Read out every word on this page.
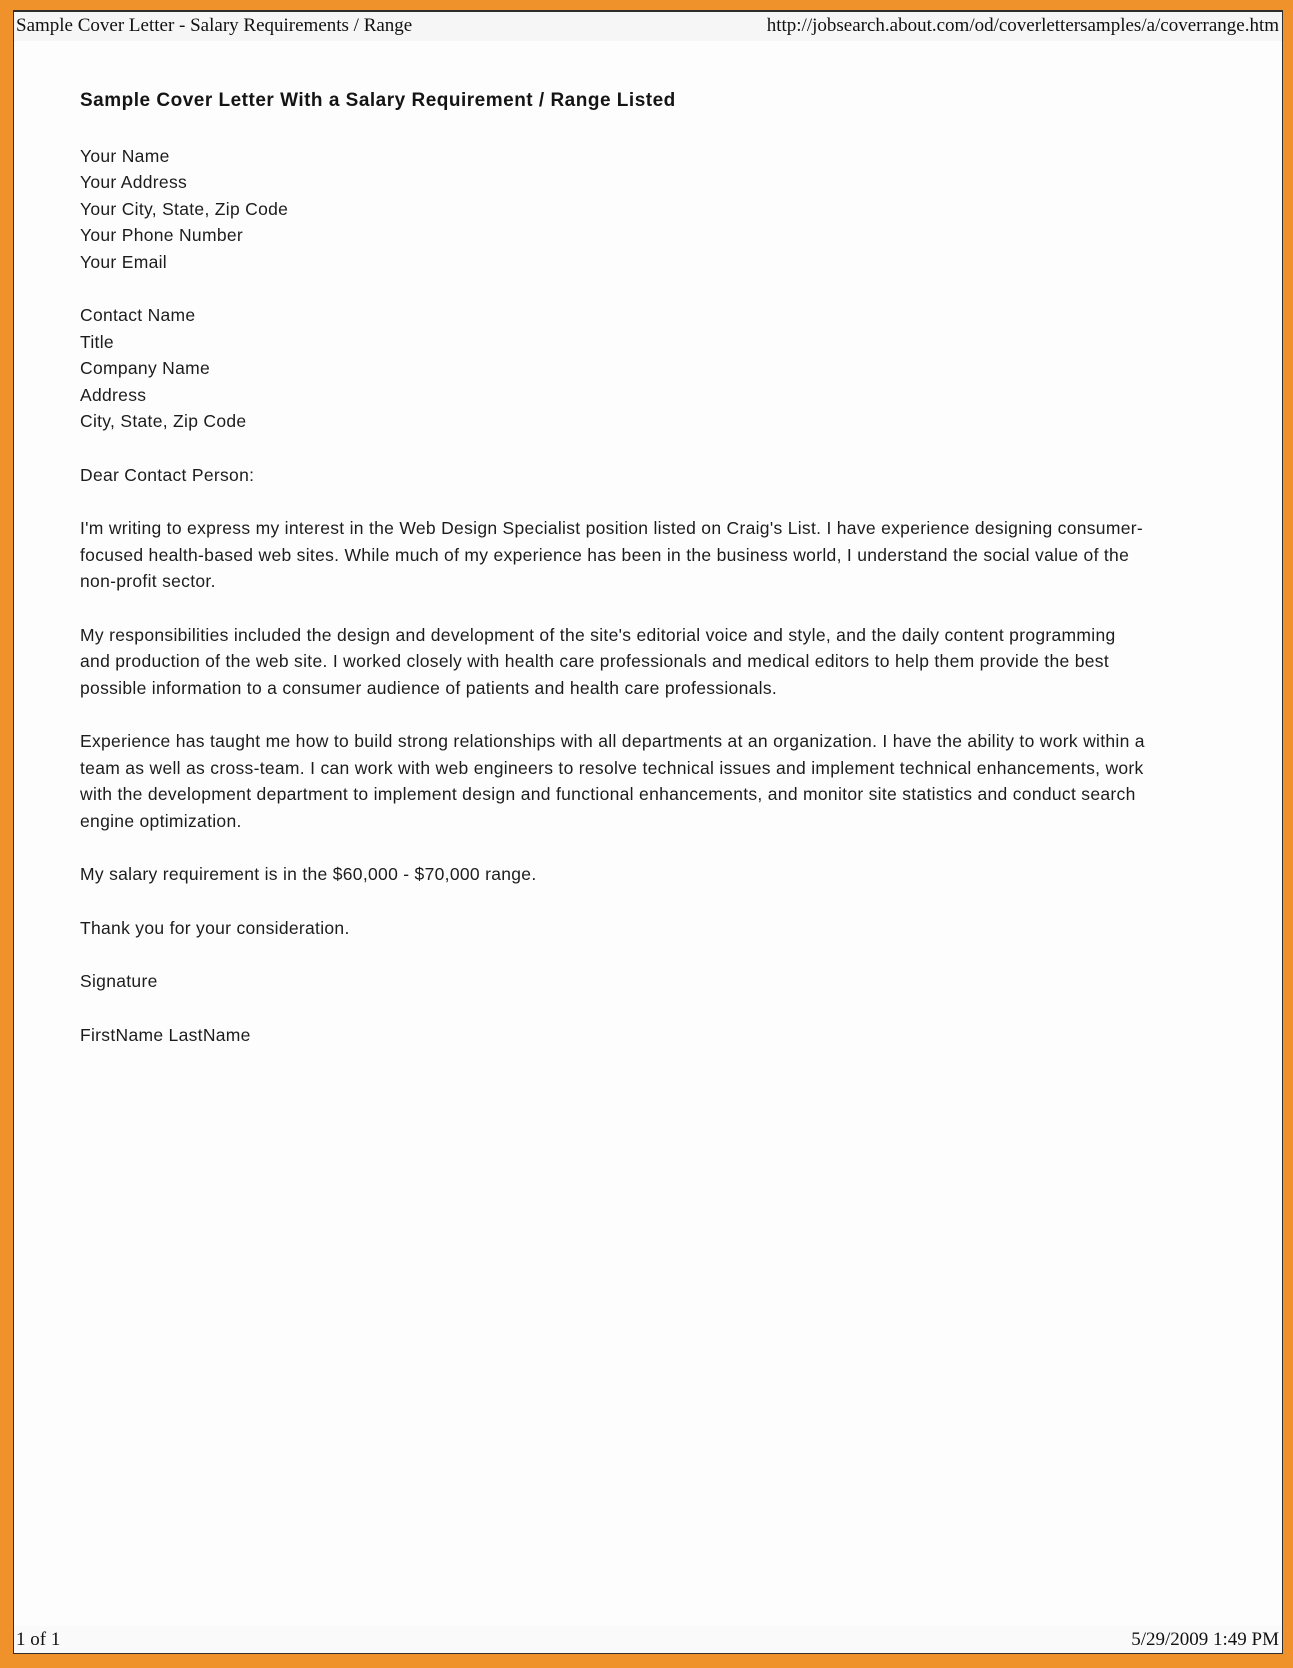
Sample Cover Letter - Salary Requirements / Range	http://jobsearch.about.com/od/coverlettersamples/a/coverrange.htm
Sample Cover Letter With a Salary Requirement / Range Listed
Your Name
Your Address
Your City, State, Zip Code
Your Phone Number
Your Email
Contact Name
Title
Company Name
Address
City, State, Zip Code
Dear Contact Person:
I'm writing to express my interest in the Web Design Specialist position listed on Craig's List. I have experience designing consumer-focused health-based web sites. While much of my experience has been in the business world, I understand the social value of the non-profit sector.
My responsibilities included the design and development of the site's editorial voice and style, and the daily content programming and production of the web site. I worked closely with health care professionals and medical editors to help them provide the best possible information to a consumer audience of patients and health care professionals.
Experience has taught me how to build strong relationships with all departments at an organization. I have the ability to work within a team as well as cross-team. I can work with web engineers to resolve technical issues and implement technical enhancements, work with the development department to implement design and functional enhancements, and monitor site statistics and conduct search engine optimization.
My salary requirement is in the $60,000 - $70,000 range.
Thank you for your consideration.
Signature
FirstName LastName
1 of 1	5/29/2009 1:49 PM
